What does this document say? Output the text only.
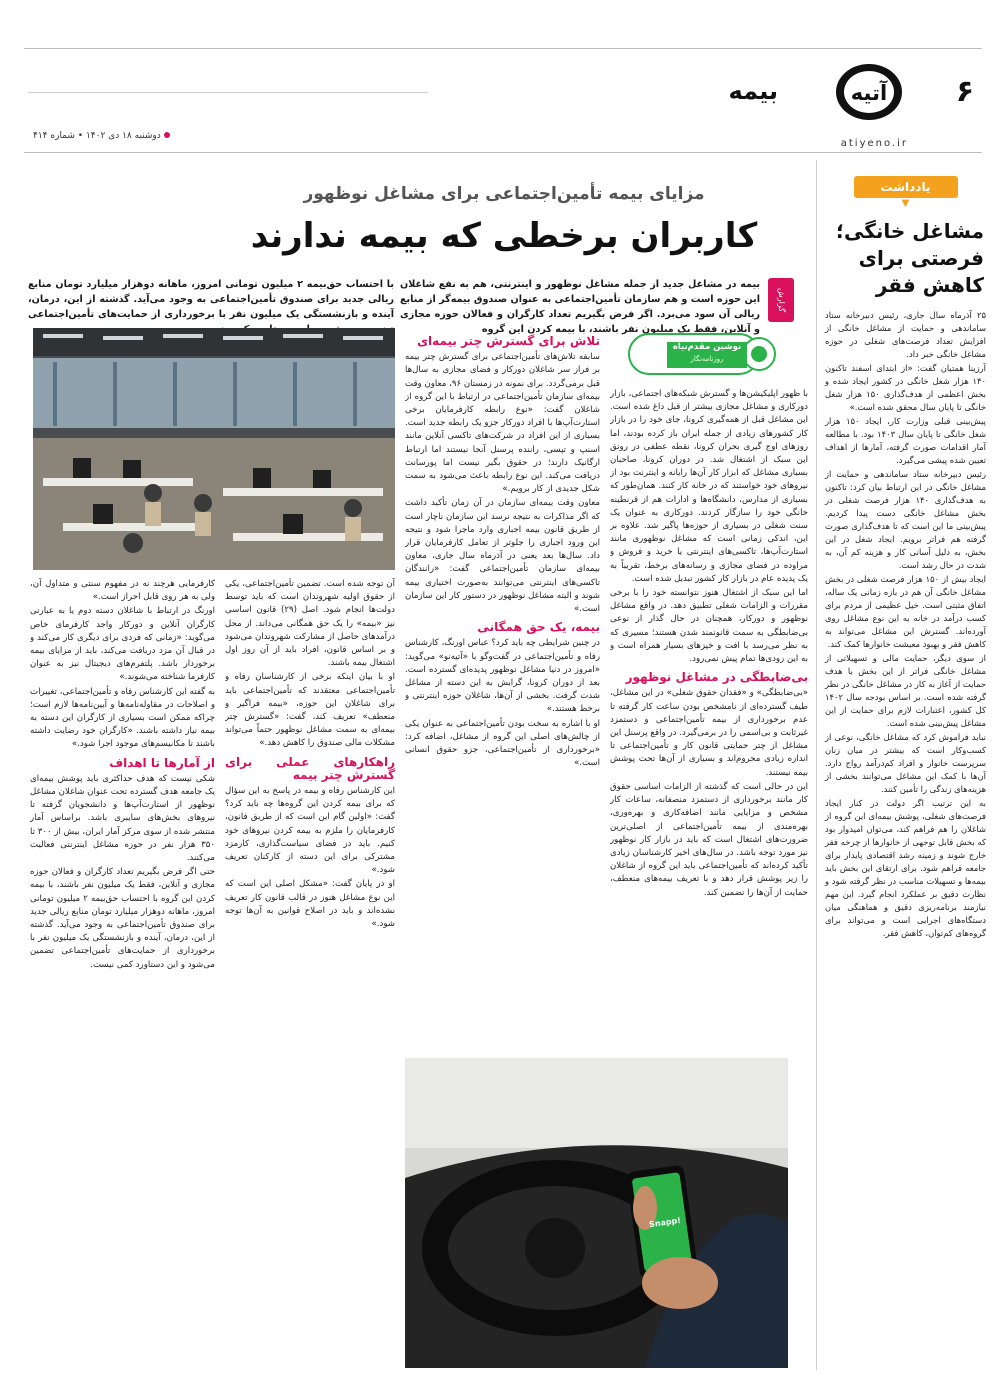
۶
آتیه
atiyeno.ir
بیمه
دوشنبه ۱۸ دی ۱۴۰۲ • شماره ۴۱۴
یادداشت
▼
مشاغل خانگی؛ فرصتی برای کاهش فقر

۲۵ آذرماه سال جاری، رئیس دبیرخانه ستاد ساماندهی و حمایت از مشاغل خانگی از افزایش تعداد فرصت‌های شغلی در حوزه مشاغل خانگی خبر داد.

آرزینا همتیان گفت: «از ابتدای اسفند تاکنون ۱۴۰ هزار شغل خانگی در کشور ایجاد شده و بخش اعظمی از هدف‌گذاری ۱۵۰ هزار شغل خانگی تا پایان سال محقق شده است.»

پیش‌بینی قبلی وزارت کار، ایجاد ۱۵۰ هزار شغل خانگی تا پایان سال ۱۴۰۳ بود. با مطالعه آمار اقدامات صورت گرفته، آمارها از اهداف تعیین شده پیشی می‌گیرد.

رئیس دبیرخانه ستاد ساماندهی و حمایت از مشاغل خانگی در این ارتباط بیان کرد: تاکنون به هدف‌گذاری ۱۴۰ هزار فرصت شغلی در بخش مشاغل خانگی دست پیدا کردیم. پیش‌بینی ما این است که تا هدف‌گذاری صورت گرفته هم فراتر برویم. ایجاد شغل در این بخش، به دلیل آسانی کار و هزینه کم آن، به شدت در حال رشد است.

ایجاد بیش از ۱۵۰ هزار فرصت شغلی در بخش مشاغل خانگی آن هم در بازه زمانی یک ساله، اتفاق مثبتی است. خیل عظیمی از مردم برای کسب درآمد در خانه به این نوع مشاغل روی آورده‌اند. گسترش این مشاغل می‌تواند به کاهش فقر و بهبود معیشت خانوارها کمک کند.

از سوی دیگر، حمایت مالی و تسهیلاتی از مشاغل خانگی فراتر از این بخش با هدف حمایت از آغاز به کار در مشاغل خانگی در نظر گرفته شده است. بر اساس بودجه سال ۱۴۰۲ کل کشور، اعتبارات لازم برای حمایت از این مشاغل پیش‌بینی شده است.

نباید فراموش کرد که مشاغل خانگی، نوعی از کسب‌وکار است که بیشتر در میان زنان سرپرست خانوار و افراد کم‌درآمد رواج دارد. آن‌ها با کمک این مشاغل می‌توانند بخشی از هزینه‌های زندگی را تأمین کنند.

به این ترتیب اگر دولت در کنار ایجاد فرصت‌های شغلی، پوشش بیمه‌ای این گروه از شاغلان را هم فراهم کند، می‌توان امیدوار بود که بخش قابل توجهی از خانوارها از چرخه فقر خارج شوند و زمینه رشد اقتصادی پایدار برای جامعه فراهم شود. برای ارتقای این بخش باید بیمه‌ها و تسهیلات مناسب در نظر گرفته شود و نظارت دقیق بر عملکرد انجام گیرد. این مهم نیازمند برنامه‌ریزی دقیق و هماهنگی میان دستگاه‌های اجرایی است و می‌تواند برای گروه‌های کم‌توان، کاهش فقر.

مزایای بیمه تأمین‌اجتماعی برای مشاغل نوظهور
کاربران برخطی که بیمه ندارند
گزارش
بیمه در مشاغل جدید از جمله مشاغل نوظهور و اینترنتی، هم به نفع شاغلان این حوزه است و هم سازمان تأمین‌اجتماعی به عنوان صندوق بیمه‌گر از منابع ریالی آن سود می‌برد. اگر فرض بگیریم تعداد کارگران و فعالان حوزه مجازی و آنلاین، فقط یک میلیون نفر باشند، با بیمه کردن این گروه
با احتساب حق‌بیمه ۲ میلیون تومانی امروز، ماهانه دوهزار میلیارد تومان منابع ریالی جدید برای صندوق تأمین‌اجتماعی به وجود می‌آید. گذشته از این، درمان، آینده و بازنشستگی یک میلیون نفر با برخورداری از حمایت‌های تأمین‌اجتماعی
نوشین مقدم‌نیاه
روزنامه‌نگار

با ظهور اپلیکیشن‌ها و گسترش شبکه‌های اجتماعی، بازار دورکاری و مشاغل مجازی بیشتر از قبل داغ شده است. این مشاغل قبل از همه‌گیری کرونا، جای خود را در بازار کار کشورهای زیادی از جمله ایران باز کرده بودند، اما روزهای اوج گیری بحران کرونا، نقطه عطفی در رونق این سبک از اشتغال شد. در دوران کرونا، صاحبان بسیاری مشاغل که ابزار کار آن‌ها رایانه و اینترنت بود از نیروهای خود خواستند که در خانه کار کنند. همان‌طور که بسیاری از مدارس، دانشگاه‌ها و ادارات هم از قرنطینه خانگی خود را سازگار کردند. دورکاری به عنوان یک سنت شغلی در بسیاری از حوزه‌ها پاگیر شد. علاوه بر این، اندکی زمانی است که مشاغل نوظهوری مانند استارت‌آپ‌ها، تاکسی‌های اینترنتی یا خرید و فروش و مراوده در فضای مجازی و رسانه‌های برخط، تقریباً به یک پدیده عام در بازار کار کشور تبدیل شده است.

اما این سبک از اشتغال هنوز نتوانسته خود را با برخی مقررات و الزامات شغلی تطبیق دهد. در واقع مشاغل نوظهور و دورکار، همچنان در حال گذار از نوعی بی‌ضابطگی به سمت قانونمند شدن هستند؛ مسیری که به نظر می‌رسد با افت و خیزهای بسیار همراه است و به این زودی‌ها تمام پیش نمی‌رود.

بی‌ضابطگی در مشاغل نوظهور

«بی‌ضابطگی» و «فقدان حقوق شغلی» در این مشاغل، طیف گسترده‌ای از نامشخص بودن ساعت کار گرفته تا عدم برخورداری از بیمه تأمین‌اجتماعی و دستمزد غیرثابت و بی‌اسمی را در برمی‌گیرد. در واقع پرسنل این مشاغل از چتر حمایتی قانون کار و تأمین‌اجتماعی تا اندازه زیادی محروم‌اند و بسیاری از آن‌ها تحت پوشش بیمه نیستند.

این در حالی است که گذشته از الزامات اساسی حقوق کار مانند برخورداری از دستمزد منصفانه، ساعات کار مشخص و مزایایی مانند اضافه‌کاری و بهره‌وری، بهره‌مندی از بیمه تأمین‌اجتماعی از اصلی‌ترین ضرورت‌های اشتغال است که باید در بازار کار نوظهور نیز مورد توجه باشد. در سال‌های اخیر کارشناسان زیادی تأکید کرده‌اند که تأمین‌اجتماعی باید این گروه از شاغلان را زیر پوشش قرار دهد و با تعریف بیمه‌های منعطف، حمایت از آن‌ها را تضمین کند.

تلاش برای گسترش چتر بیمه‌ای

سابقه تلاش‌های تأمین‌اجتماعی برای گسترش چتر بیمه بر فراز سر شاغلان دورکار و فضای مجازی به سال‌ها قبل برمی‌گردد. برای نمونه در زمستان ۹۶، معاون وقت بیمه‌ای سازمان تأمین‌اجتماعی در ارتباط با این گروه از شاغلان گفت: «نوع رابطه کارفرمایان برخی استارت‌آپ‌ها با افراد دورکار جزو یک رابطه جدید است. بسیاری از این افراد در شرکت‌های تاکسی آنلاین مانند اسنپ و تپسی، راننده پرسنل آنجا نیستند اما ارتباط ارگانیک دارند؛ در حقوق بگیر نیست اما پورسانت دریافت می‌کند. این نوع رابطه باعث می‌شود به سمت شکل جدیدی از کار برویم.»

معاون وقت بیمه‌ای سازمان در آن زمان تأکید داشت که اگر مذاکرات به نتیجه نرسد این سازمان ناچار است از طریق قانون بیمه اجباری وارد ماجرا شود و نتیجه این ورود اجباری را جلوتر از تعامل کارفرمایان قرار داد. سال‌ها بعد یعنی در آذرماه سال جاری، معاون بیمه‌ای سازمان تأمین‌اجتماعی گفت: «رانندگان تاکسی‌های اینترنتی می‌توانند به‌صورت اختیاری بیمه شوند و البته مشاغل نوظهور در دستور کار این سازمان است.»

بیمه، یک حق همگانی

در چنین شرایطی چه باید کرد؟ عباس اورنگ، کارشناس رفاه و تأمین‌اجتماعی در گفت‌وگو با «آتیه‌نو» می‌گوید: «امروز در دنیا مشاغل نوظهور پدیده‌ای گسترده است. بعد از دوران کرونا، گرایش به این دسته از مشاغل شدت گرفت. بخشی از آن‌ها، شاغلان حوزه اینترنتی و برخط هستند.»

او با اشاره به سخت بودن تأمین‌اجتماعی به عنوان یکی از چالش‌های اصلی این گروه از مشاغل، اضافه کرد: «برخورداری از تأمین‌اجتماعی، جزو حقوق انسانی است.»

آن توجه شده است. تضمین تأمین‌اجتماعی، یکی از حقوق اولیه شهروندان است که باید توسط دولت‌ها انجام شود. اصل (۲۹) قانون اساسی نیز «بیمه» را یک حق همگانی می‌داند. از محل درآمدهای حاصل از مشارکت شهروندان می‌شود و بر اساس قانون، افراد باید از آن روز اول اشتغال بیمه باشند.

او با بیان اینکه برخی از کارشناسان رفاه و تأمین‌اجتماعی معتقدند که تأمین‌اجتماعی باید برای شاغلان این حوزه، «بیمه فراگیر و منعطف» تعریف کند، گفت: «گسترش چتر بیمه‌ای به سمت مشاغل نوظهور حتماً می‌تواند مشکلات مالی صندوق را کاهش دهد.»

راهکارهای عملی برای گسترش چتر بیمه

این کارشناس رفاه و بیمه در پاسخ به این سؤال که برای بیمه کردن این گروه‌ها چه باید کرد؟ گفت: «اولین گام این است که از طریق قانون، کارفرمایان را ملزم به بیمه کردن نیروهای خود کنیم. باید در فضای سیاست‌گذاری، کار‌مزد مشترکی برای این دسته از کارکنان تعریف شود.»

او در پایان گفت: «مشکل اصلی این است که این نوع مشاغل هنوز در قالب قانون کار تعریف نشده‌اند و باید در اصلاح قوانین به آن‌ها توجه شود.»

کارفرمایی هرچند نه در مفهوم سنتی و متداول آن، ولی به هر روی قابل احراز است.»

اورنگ در ارتباط با شاغلان دسته دوم یا به عبارتی کارگران آنلاین و دورکار واجد کارفرمای خاص می‌گوید: «زمانی که فردی برای دیگری کار می‌کند و در قبال آن مزد دریافت می‌کند، باید از مزایای بیمه برخوردار باشد. پلتفرم‌های دیجیتال نیز به عنوان کارفرما شناخته می‌شوند.»

به گفته این کارشناس رفاه و تأمین‌اجتماعی، تغییرات و اصلاحات در مقاوله‌نامه‌ها و آیین‌نامه‌ها لازم است؛ چراکه ممکن است بسیاری از کارگران این دسته به بیمه نیاز داشته باشند. «کارگران خود رضایت داشته باشند تا مکانیسم‌های موجود اجرا شود.»

از آمارها تا اهداف

شکی نیست که هدف حداکثری باید پوشش بیمه‌ای یک جامعه هدف گسترده تحت عنوان شاغلان مشاغل نوظهور از استارت‌آپ‌ها و دانشجویان گرفته تا نیروهای بخش‌های سایبری باشد. براساس آمار منتشر شده از سوی مرکز آمار ایران، بیش از ۳۰۰ تا ۳۵۰ هزار نفر در حوزه مشاغل اینترنتی فعالیت می‌کنند.

حتی اگر فرض بگیریم تعداد کارگران و فعالان حوزه مجازی و آنلاین، فقط یک میلیون نفر باشند، با بیمه کردن این گروه با احتساب حق‌بیمه ۲ میلیون تومانی امروز، ماهانه دوهزار میلیارد تومان منابع ریالی جدید برای صندوق تأمین‌اجتماعی به وجود می‌آید. گذشته از این، درمان، آینده و بازنشستگی یک میلیون نفر با برخورداری از حمایت‌های تأمین‌اجتماعی تضمین می‌شود و این دستاورد کمی نیست.

Snapp!
